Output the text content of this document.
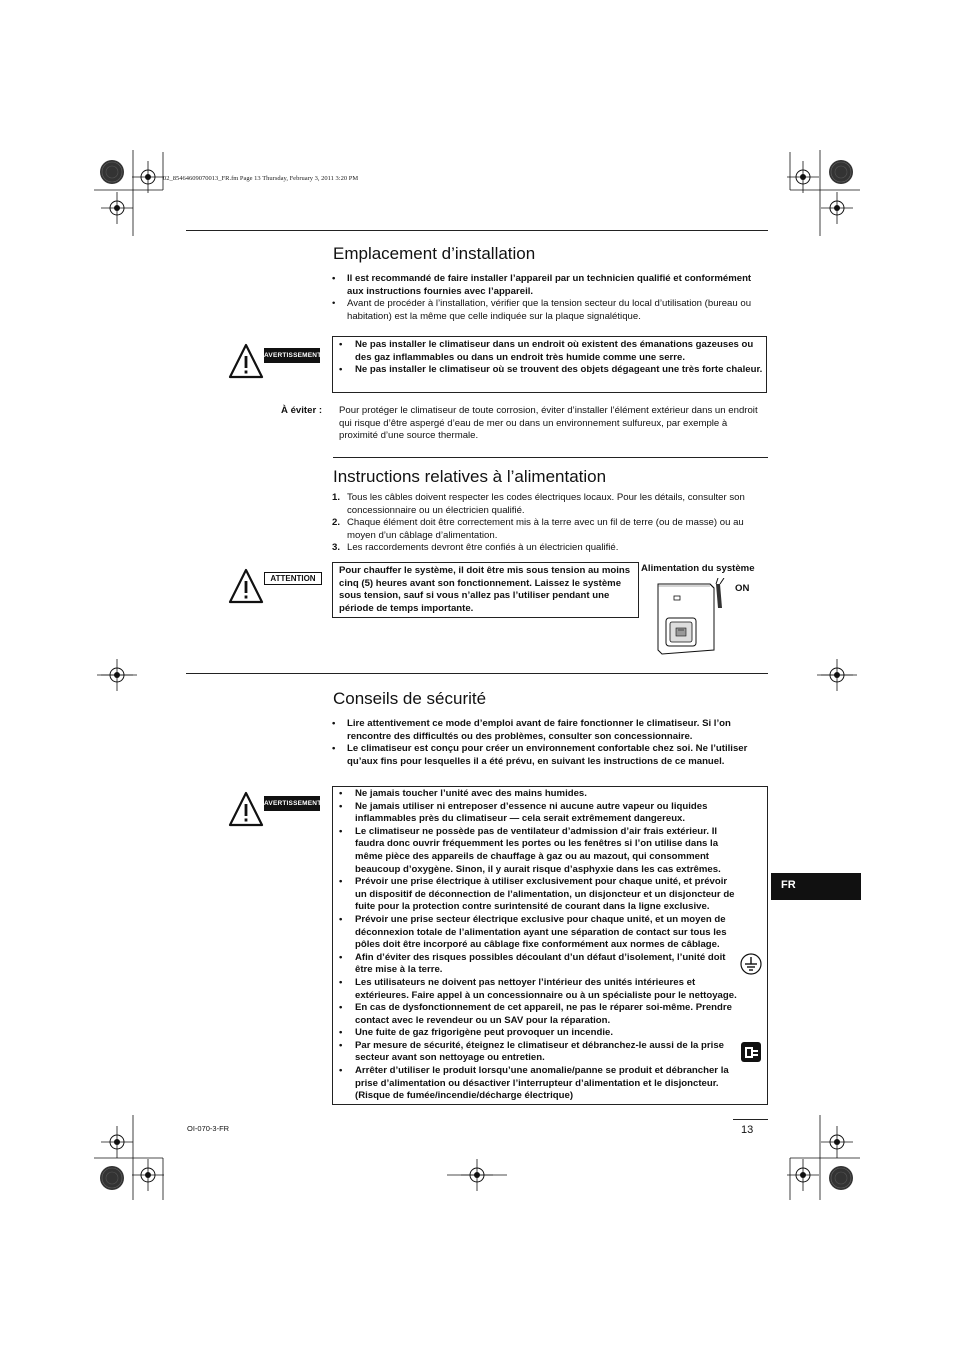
02_85464609070013_FR.fm Page 13 Thursday, February 3, 2011 3:20 PM
Emplacement d’installation
• Il est recommandé de faire installer l’appareil par un technicien qualifié et conformément aux instructions fournies avec l’appareil.
• Avant de procéder à l’installation, vérifier que la tension secteur du local d’utilisation (bureau ou habitation) est la même que celle indiquée sur la plaque signalétique.
AVERTISSEMENT
• Ne pas installer le climatiseur dans un endroit où existent des émanations gazeuses ou des gaz inflammables ou dans un endroit très humide comme une serre.
• Ne pas installer le climatiseur où se trouvent des objets dégageant une très forte chaleur.
À éviter : Pour protéger le climatiseur de toute corrosion, éviter d’installer l’élément extérieur dans un endroit qui risque d’être aspergé d’eau de mer ou dans un environnement sulfureux, par exemple à proximité d’une source thermale.
Instructions relatives à l’alimentation
1. Tous les câbles doivent respecter les codes électriques locaux. Pour les détails, consulter son concessionnaire ou un électricien qualifié.
2. Chaque élément doit être correctement mis à la terre avec un fil de terre (ou de masse) ou au moyen d’un câblage d’alimentation.
3. Les raccordements devront être confiés à un électricien qualifié.
ATTENTION
Pour chauffer le système, il doit être mis sous tension au moins cinq (5) heures avant son fonctionnement. Laissez le système sous tension, sauf si vous n’allez pas l’utiliser pendant une période de temps importante.
Alimentation du système
ON
Conseils de sécurité
• Lire attentivement ce mode d’emploi avant de faire fonctionner le climatiseur. Si l’on rencontre des difficultés ou des problèmes, consulter son concessionnaire.
• Le climatiseur est conçu pour créer un environnement confortable chez soi. Ne l’utiliser qu’aux fins pour lesquelles il a été prévu, en suivant les instructions de ce manuel.
AVERTISSEMENT
• Ne jamais toucher l’unité avec des mains humides.
• Ne jamais utiliser ni entreposer d’essence ni aucune autre vapeur ou liquides inflammables près du climatiseur — cela serait extrêmement dangereux.
• Le climatiseur ne possède pas de ventilateur d’admission d’air frais extérieur. Il faudra donc ouvrir fréquemment les portes ou les fenêtres si l’on utilise dans la même pièce des appareils de chauffage à gaz ou au mazout, qui consomment beaucoup d’oxygène. Sinon, il y aurait risque d’asphyxie dans les cas extrêmes.
• Prévoir une prise électrique à utiliser exclusivement pour chaque unité, et prévoir un dispositif de déconnection de l’alimentation, un disjoncteur et un disjoncteur de fuite pour la protection contre surintensité de courant dans la ligne exclusive.
• Prévoir une prise secteur électrique exclusive pour chaque unité, et un moyen de déconnexion totale de l’alimentation ayant une séparation de contact sur tous les pôles doit être incorporé au câblage fixe conformément aux normes de câblage.
• Afin d’éviter des risques possibles découlant d’un défaut d’isolement, l’unité doit être mise à la terre.
• Les utilisateurs ne doivent pas nettoyer l’intérieur des unités intérieures et extérieures. Faire appel à un concessionnaire ou à un spécialiste pour le nettoyage.
• En cas de dysfonctionnement de cet appareil, ne pas le réparer soi-même. Prendre contact avec le revendeur ou un SAV pour la réparation.
• Une fuite de gaz frigorigène peut provoquer un incendie.
• Par mesure de sécurité, éteignez le climatiseur et débranchez-le aussi de la prise secteur avant son nettoyage ou entretien.
• Arrêter d’utiliser le produit lorsqu’une anomalie/panne se produit et débrancher la prise d’alimentation ou désactiver l’interrupteur d’alimentation et le disjoncteur. (Risque de fumée/incendie/décharge électrique)
FR
OI-070-3-FR	13
